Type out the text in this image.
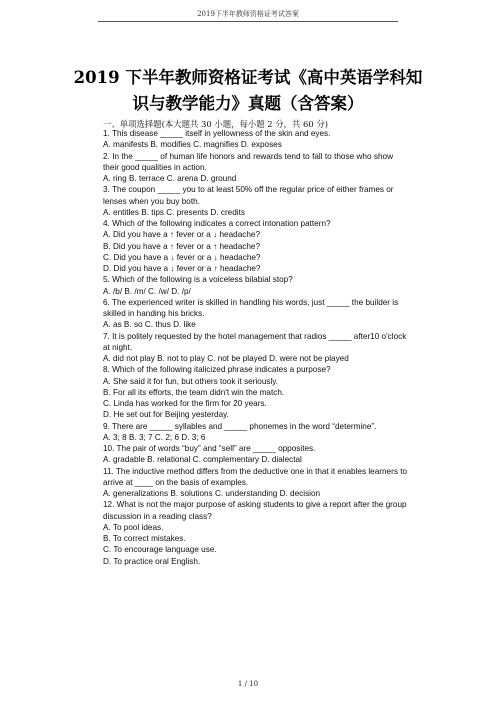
2019下半年教师资格证考试答案
2019 下半年教师资格证考试《高中英语学科知
识与教学能力》真题（含答案）
一、单项选择题(本大题共 30 小题，每小题 2 分，共 60 分)
1. This disease _____ itself in yellowness of the skin and eyes.
A. manifests B. modifies C. magnifies D. exposes
2. In the _____ of human life honors and rewards tend to fall to those who show
their good qualities in action.
A. ring B. terrace C. arena D. ground
3. The coupon _____ you to at least 50% off the regular price of either frames or
lenses when you buy both.
A. entitles B. tips C. presents D. credits
4. Which of the following indicates a correct intonation pattern?
A. Did you have a ↑ fever or a ↓ headache?
B. Did you have a ↑ fever or a ↑ headache?
C. Did you have a ↓ fever or a ↓ headache?
D. Did you have a ↓ fever or a ↑ headache?
5. Which of the following is a voiceless bilabial stop?
A. /b/ B. /m/ C. /w/ D. /p/
6. The experienced writer is skilled in handling his words, just _____ the builder is
skilled in handing his bricks.
A. as B. so C. thus D. like
7. It is politely requested by the hotel management that radios _____ after10 o'clock
at night.
A. did not play B. not to play C. not be played D. were not be played
8. Which of the following italicized phrase indicates a purpose?
A. She said it for fun, but others took it seriously.
B. For all its efforts, the team didn't win the match.
C. Linda has worked for the firm for 20 years.
D. He set out for Beijing yesterday.
9. There are _____ syllables and _____ phonemes in the word “determine”.
A. 3; 8 B. 3; 7 C. 2; 6 D. 3; 6
10. The pair of words “buy” and “sell” are _____ opposites.
A. gradable B. relational C. complementary D. dialectal
11. The inductive method differs from the deductive one in that it enables learners to
arrive at ____ on the basis of examples.
A. generalizations B. solutions C. understanding D. decision
12. What is not the major purpose of asking students to give a report after the group
discussion in a reading class?
A. To pool ideas.
B. To correct mistakes.
C. To encourage language use.
D. To practice oral English.
1 / 10
